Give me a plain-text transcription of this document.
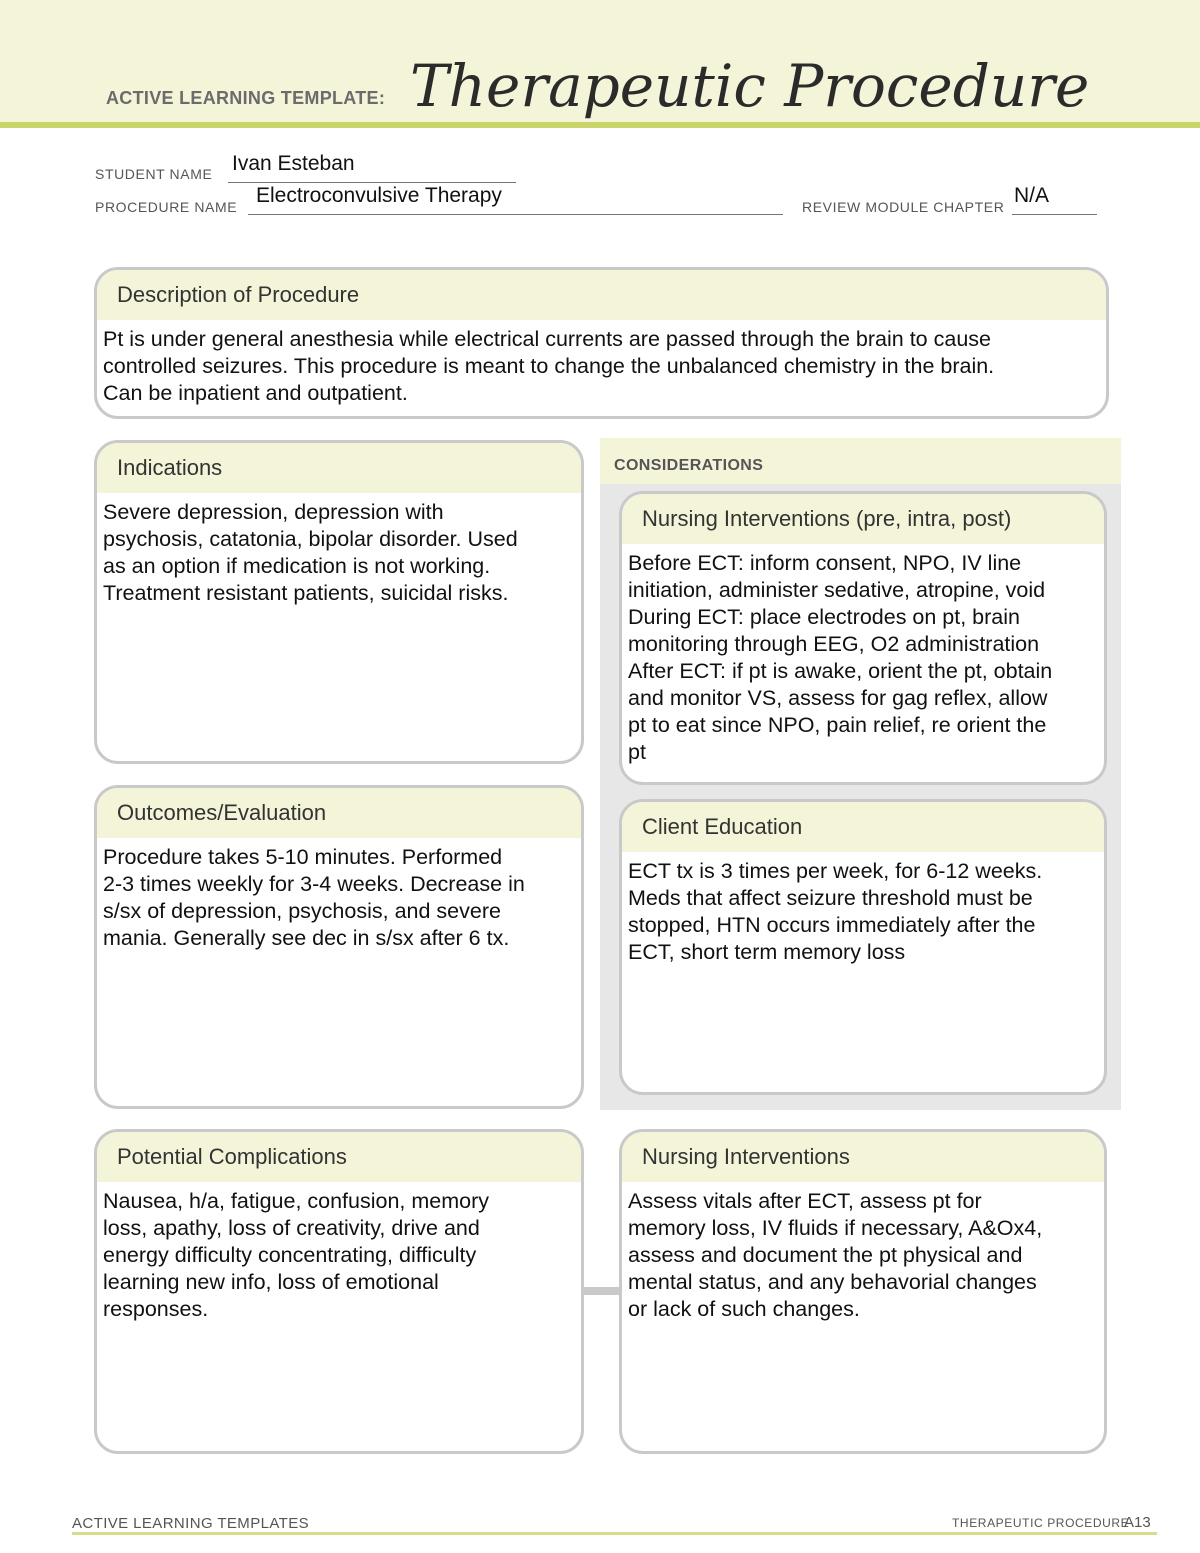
ACTIVE LEARNING TEMPLATE: Therapeutic Procedure
STUDENT NAME Ivan Esteban
PROCEDURE NAME Electroconvulsive Therapy	REVIEW MODULE CHAPTER N/A
Description of Procedure
Pt is under general anesthesia while electrical currents are passed through the brain to cause
controlled seizures. This procedure is meant to change the unbalanced chemistry in the brain.
Can be inpatient and outpatient.
Indications
Severe depression, depression with
psychosis, catatonia, bipolar disorder. Used
as an option if medication is not working.
Treatment resistant patients, suicidal risks.
CONSIDERATIONS
Nursing Interventions (pre, intra, post)
Before ECT: inform consent, NPO, IV line
initiation, administer sedative, atropine, void
During ECT: place electrodes on pt, brain
monitoring through EEG, O2 administration
After ECT: if pt is awake, orient the pt, obtain
and monitor VS, assess for gag reflex, allow
pt to eat since NPO, pain relief, re orient the
pt
Outcomes/Evaluation
Procedure takes 5-10 minutes. Performed
2-3 times weekly for 3-4 weeks. Decrease in
s/sx of depression, psychosis, and severe
mania. Generally see dec in s/sx after 6 tx.
Client Education
ECT tx is 3 times per week, for 6-12 weeks.
Meds that affect seizure threshold must be
stopped, HTN occurs immediately after the
ECT, short term memory loss
Potential Complications
Nausea, h/a, fatigue, confusion, memory
loss, apathy, loss of creativity, drive and
energy difficulty concentrating, difficulty
learning new info, loss of emotional
responses.
Nursing Interventions
Assess vitals after ECT, assess pt for
memory loss, IV fluids if necessary, A&Ox4,
assess and document the pt physical and
mental status, and any behavorial changes
or lack of such changes.
ACTIVE LEARNING TEMPLATES	THERAPEUTIC PROCEDURE
A13
